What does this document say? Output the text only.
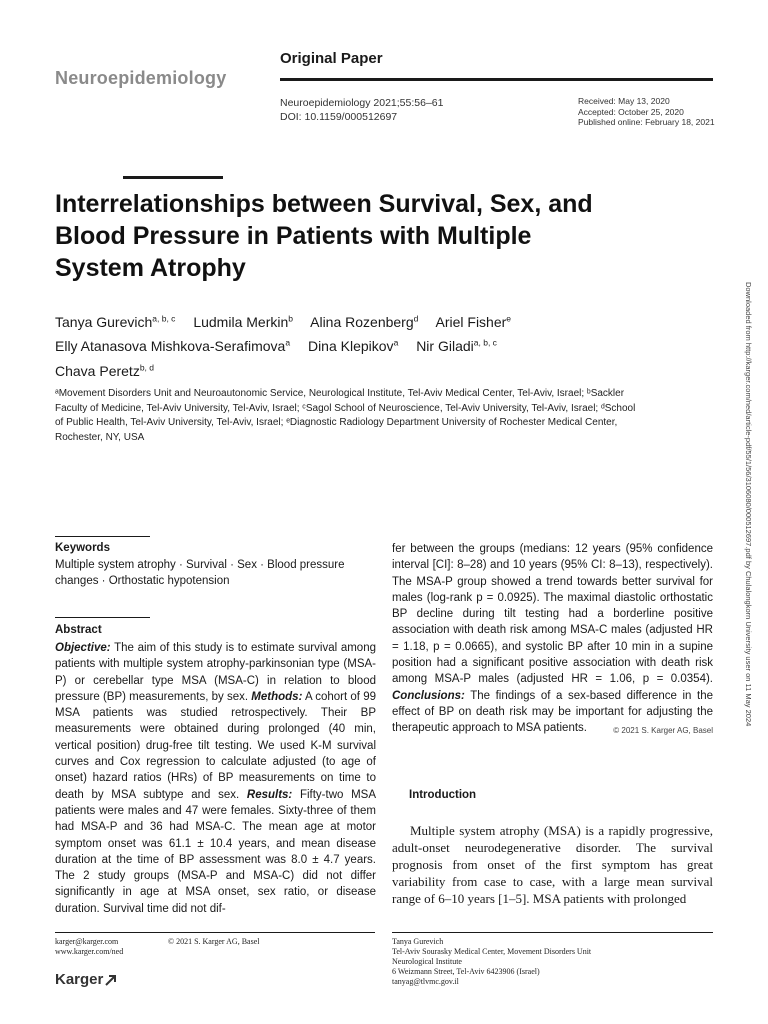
Original Paper
Neuroepidemiology
Neuroepidemiology 2021;55:56–61
DOI: 10.1159/000512697
Received: May 13, 2020
Accepted: October 25, 2020
Published online: February 18, 2021
Interrelationships between Survival, Sex, and Blood Pressure in Patients with Multiple System Atrophy
Tanya Gurevich$^{a, b, c}$ Ludmila Merkin$^b$ Alina Rozenberg$^d$ Ariel Fisher$^e$
Elly Atanasova Mishkova-Serafimova$^a$ Dina Klepikov$^a$ Nir Giladi$^{a, b, c}$
Chava Peretz$^{b, d}$
ᵃMovement Disorders Unit and Neuroautonomic Service, Neurological Institute, Tel-Aviv Medical Center, Tel-Aviv, Israel; ᵇSackler Faculty of Medicine, Tel-Aviv University, Tel-Aviv, Israel; ᶜSagol School of Neuroscience, Tel-Aviv University, Tel-Aviv, Israel; ᵈSchool of Public Health, Tel-Aviv University, Tel-Aviv, Israel; ᵉDiagnostic Radiology Department University of Rochester Medical Center, Rochester, NY, USA	Downloaded from http://karger.com/ned/article-pdf/55/1/56/3106080/000512697.pdf by Chulalongkorn University user on 11 May 2024
Keywords
Multiple system atrophy · Survival · Sex · Blood pressure changes · Orthostatic hypotension
Abstract
Objective: The aim of this study is to estimate survival among patients with multiple system atrophy-parkinsonian type (MSA-P) or cerebellar type MSA (MSA-C) in relation to blood pressure (BP) measurements, by sex. Methods: A cohort of 99 MSA patients was studied retrospectively. Their BP measurements were obtained during prolonged (40 min, vertical position) drug-free tilt testing. We used K-M survival curves and Cox regression to calculate adjusted (to age of onset) hazard ratios (HRs) of BP measurements on time to death by MSA subtype and sex. Results: Fifty-two MSA patients were males and 47 were females. Sixty-three of them had MSA-P and 36 had MSA-C. The mean age at motor symptom onset was 61.1 ± 10.4 years, and mean disease duration at the time of BP assessment was 8.0 ± 4.7 years. The 2 study groups (MSA-P and MSA-C) did not differ significantly in age at MSA onset, sex ratio, or disease duration. Survival time did not dif-
fer between the groups (medians: 12 years (95% confidence interval [CI]: 8–28) and 10 years (95% CI: 8–13), respectively). The MSA-P group showed a trend towards better survival for males (log-rank p = 0.0925). The maximal diastolic orthostatic BP decline during tilt testing had a borderline positive association with death risk among MSA-C males (adjusted HR = 1.18, p = 0.0665), and systolic BP after 10 min in a supine position had a significant positive association with death risk among MSA-P males (adjusted HR = 1.06, p = 0.0354). Conclusions: The findings of a sex-based difference in the effect of BP on death risk may be important for adjusting the therapeutic approach to MSA patients.	© 2021 S. Karger AG, Basel
Introduction
Multiple system atrophy (MSA) is a rapidly progressive, adult-onset neurodegenerative disorder. The survival prognosis from onset of the first symptom has great variability from case to case, with a large mean survival range of 6–10 years [1–5]. MSA patients with prolonged
karger@karger.com
www.karger.com/ned
© 2021 S. Karger AG, Basel
Karger
Tanya Gurevich
Tel-Aviv Sourasky Medical Center, Movement Disorders Unit
Neurological Institute
6 Weizmann Street, Tel-Aviv 6423906 (Israel)
tanyag@tlvmc.gov.il
